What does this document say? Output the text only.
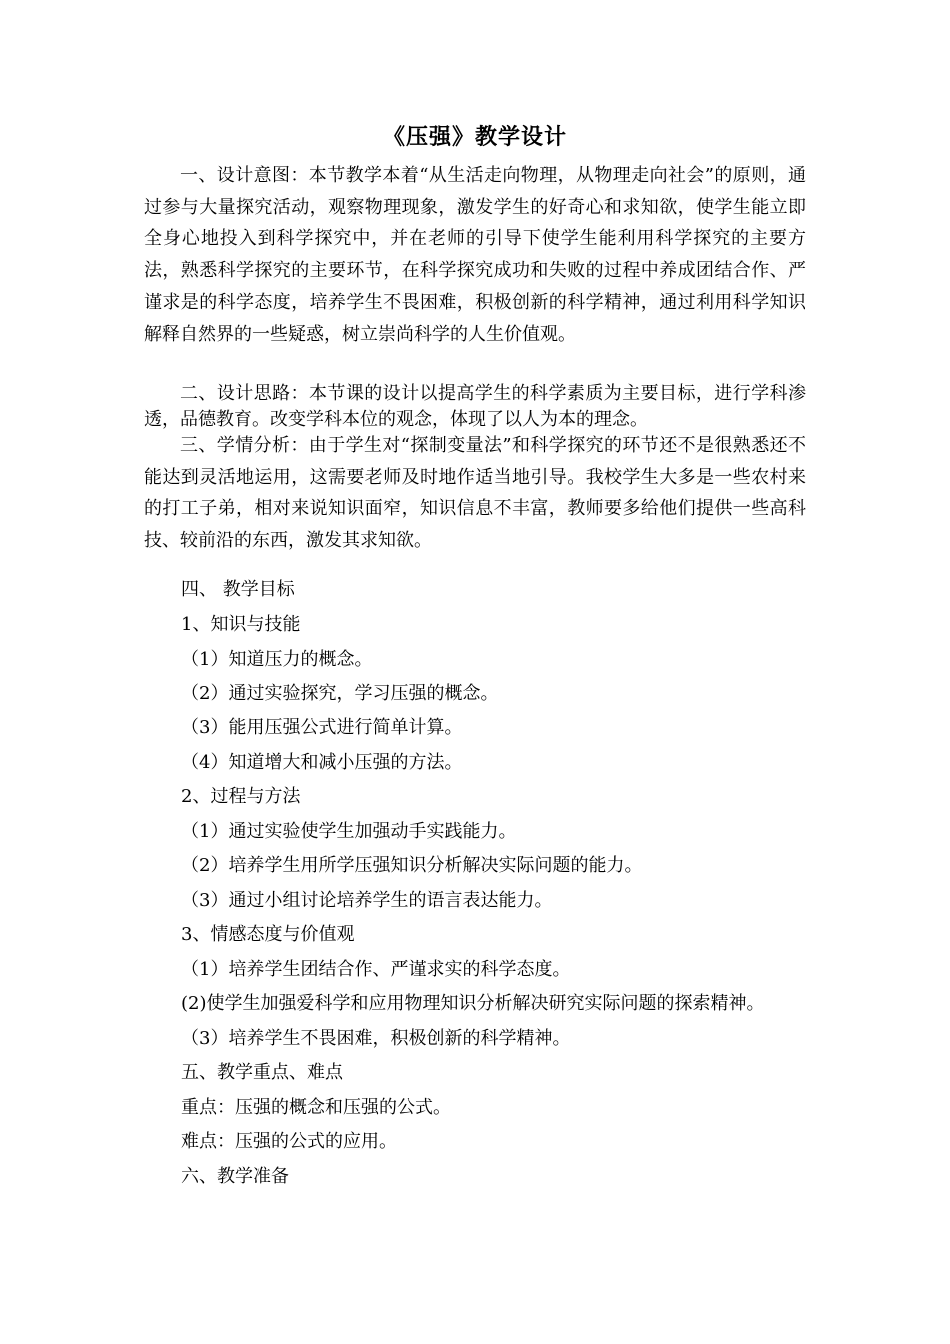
《压强》教学设计
一、设计意图：本节教学本着“从生活走向物理，从物理走向社会”的原则，通过参与大量探究活动，观察物理现象，激发学生的好奇心和求知欲，使学生能立即全身心地投入到科学探究中，并在老师的引导下使学生能利用科学探究的主要方法，熟悉科学探究的主要环节，在科学探究成功和失败的过程中养成团结合作、严谨求是的科学态度，培养学生不畏困难，积极创新的科学精神，通过利用科学知识解释自然界的一些疑惑，树立崇尚科学的人生价值观。
二、设计思路：本节课的设计以提高学生的科学素质为主要目标，进行学科渗透，品德教育。改变学科本位的观念，体现了以人为本的理念。
三、学情分析：由于学生对“探制变量法”和科学探究的环节还不是很熟悉还不能达到灵活地运用，这需要老师及时地作适当地引导。我校学生大多是一些农村来的打工子弟，相对来说知识面窄，知识信息不丰富，教师要多给他们提供一些高科技、较前沿的东西，激发其求知欲。
四、 教学目标
1、知识与技能
（1）知道压力的概念。
（2）通过实验探究，学习压强的概念。
（3）能用压强公式进行简单计算。
（4）知道增大和减小压强的方法。
2、过程与方法
（1）通过实验使学生加强动手实践能力。
（2）培养学生用所学压强知识分析解决实际问题的能力。
（3）通过小组讨论培养学生的语言表达能力。
3、情感态度与价值观
（1）培养学生团结合作、严谨求实的科学态度。
(2)使学生加强爱科学和应用物理知识分析解决研究实际问题的探索精神。
（3）培养学生不畏困难，积极创新的科学精神。
五、教学重点、难点
重点：压强的概念和压强的公式。
难点：压强的公式的应用。
六、教学准备
